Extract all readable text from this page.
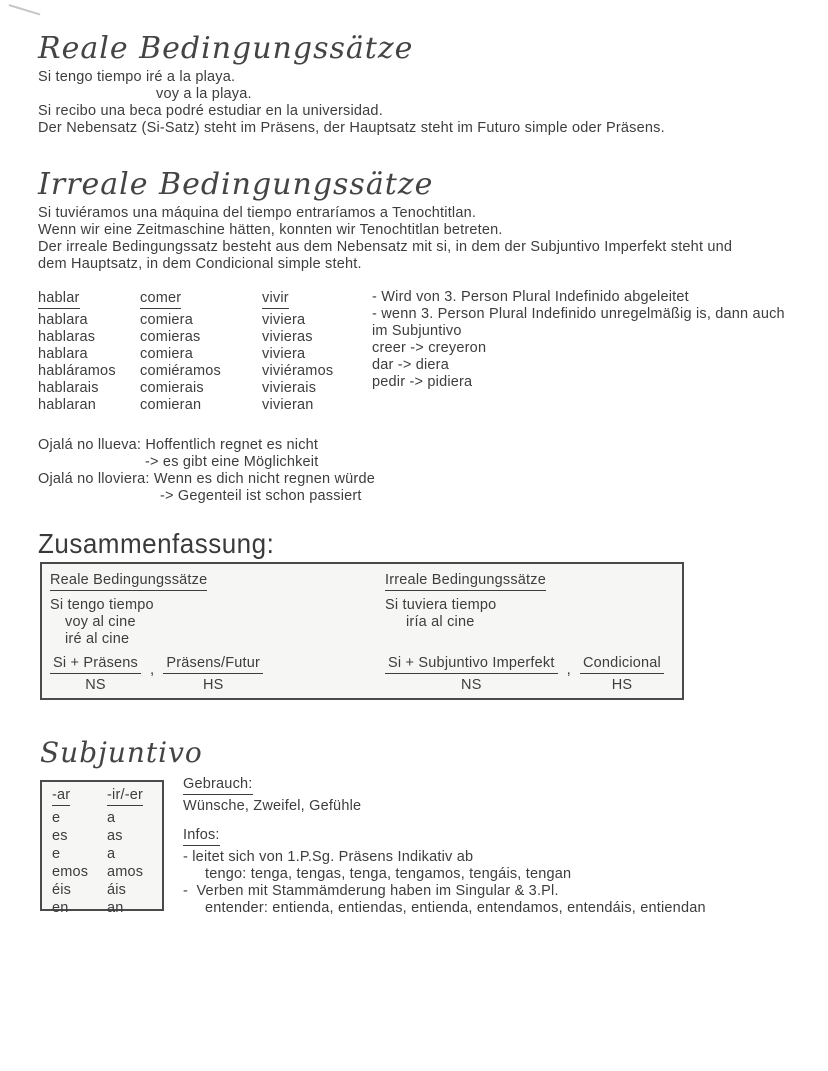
Reale Bedingungssätze
Si tengo tiempo iré a la playa.
voy a la playa.
Si recibo una beca podré estudiar en la universidad.
Der Nebensatz (Si-Satz) steht im Präsens, der Hauptsatz steht im Futuro simple oder Präsens.
Irreale Bedingungssätze
Si tuviéramos una máquina del tiempo entraríamos a Tenochtitlan.
Wenn wir eine Zeitmaschine hätten, konnten wir Tenochtitlan betreten.
Der irreale Bedingungssatz besteht aus dem Nebensatz mit si, in dem der Subjuntivo Imperfekt steht und
dem Hauptsatz, in dem Condicional simple steht.
hablar
hablara
hablaras
hablara
habláramos
hablarais
hablaran
comer
comiera
comieras
comiera
comiéramos
comierais
comieran
vivir
viviera
vivieras
viviera
viviéramos
vivierais
vivieran
- Wird von 3. Person Plural Indefinido abgeleitet
- wenn 3. Person Plural Indefinido unregelmäßig is, dann auch
im Subjuntivo
creer -> creyeron
dar -> diera
pedir -> pidiera
Ojalá no llueva: Hoffentlich regnet es nicht
-> es gibt eine Möglichkeit
Ojalá no lloviera: Wenn es dich nicht regnen würde
-> Gegenteil ist schon passiert
Zusammenfassung:
Reale Bedingungssätze
Si tengo tiempo
voy al cine
iré al cine
Irreale Bedingungssätze
Si tuviera tiempo
iría al cine
Si + Präsens
NS
, Präsens/Futur
HS
Si + Subjuntivo Imperfekt
NS
, Condicional
HS
Subjuntivo
-ar
e
es
e
emos
éis
en
-ir/-er
a
as
a
amos
áis
an
Gebrauch:
Wünsche, Zweifel, Gefühle
Infos:
- leitet sich von 1.P.Sg. Präsens Indikativ ab
tengo: tenga, tengas, tenga, tengamos, tengáis, tengan
-  Verben mit Stammämderung haben im Singular & 3.Pl.
entender: entienda, entiendas, entienda, entendamos, entendáis, entiendan
